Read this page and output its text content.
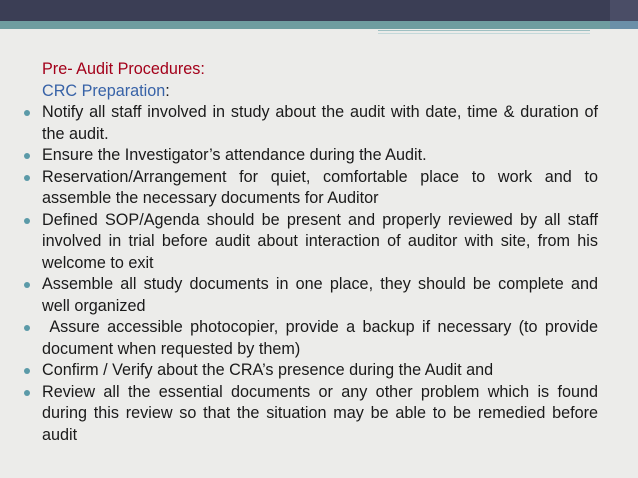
Pre- Audit Procedures:

CRC Preparation:

Notify all staff involved in study about the audit with date, time & duration of the audit.
Ensure the Investigator’s attendance during the Audit.
Reservation/Arrangement for quiet, comfortable place to work and to assemble the necessary documents for Auditor
Defined SOP/Agenda should be present and properly reviewed by all staff involved in trial before audit about interaction of auditor with site, from his welcome to exit
Assemble all study documents in one place, they should be complete and well organized
Assure accessible photocopier, provide a backup if necessary (to provide document when requested by them)
Confirm / Verify about the CRA’s presence during the Audit and
Review all the essential documents or any other problem which is found during this review so that the situation may be able to be remedied before audit
